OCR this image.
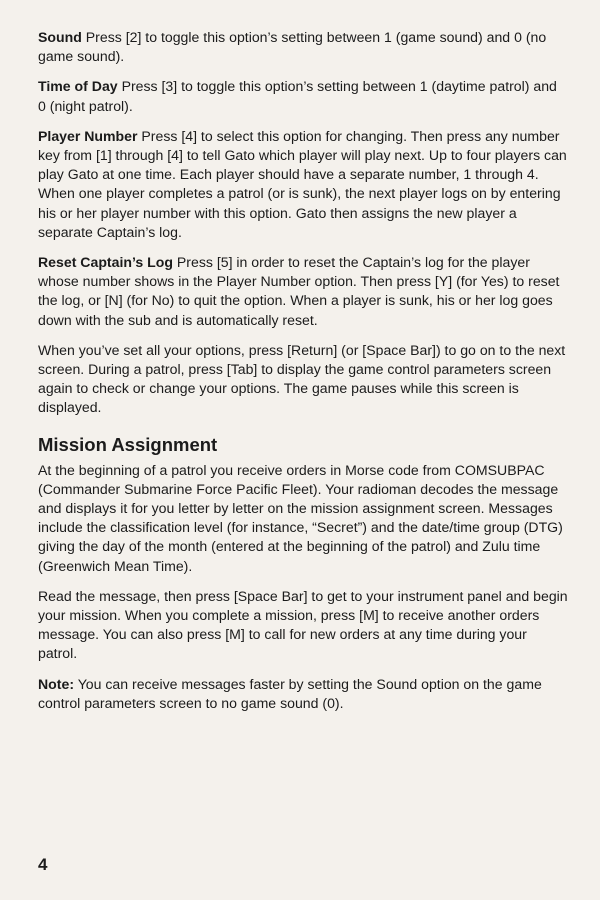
Sound Press [2] to toggle this option’s setting between 1 (game sound) and 0 (no game sound).

Time of Day Press [3] to toggle this option’s setting between 1 (daytime patrol) and 0 (night patrol).

Player Number Press [4] to select this option for changing. Then press any number key from [1] through [4] to tell Gato which player will play next. Up to four players can play Gato at one time. Each player should have a separate number, 1 through 4. When one player completes a patrol (or is sunk), the next player logs on by entering his or her player number with this option. Gato then assigns the new player a separate Captain’s log.

Reset Captain’s Log Press [5] in order to reset the Captain’s log for the player whose number shows in the Player Number option. Then press [Y] (for Yes) to reset the log, or [N] (for No) to quit the option. When a player is sunk, his or her log goes down with the sub and is automatically reset.

When you’ve set all your options, press [Return] (or [Space Bar]) to go on to the next screen. During a patrol, press [Tab] to display the game control parameters screen again to check or change your options. The game pauses while this screen is displayed.

Mission Assignment

At the beginning of a patrol you receive orders in Morse code from COMSUBPAC (Commander Submarine Force Pacific Fleet). Your radioman decodes the message and displays it for you letter by letter on the mission assignment screen. Messages include the classification level (for instance, “Secret”) and the date/time group (DTG) giving the day of the month (entered at the beginning of the patrol) and Zulu time (Greenwich Mean Time).

Read the message, then press [Space Bar] to get to your instrument panel and begin your mission. When you complete a mission, press [M] to receive another orders message. You can also press [M] to call for new orders at any time during your patrol.

Note: You can receive messages faster by setting the Sound option on the game control parameters screen to no game sound (0).

4
